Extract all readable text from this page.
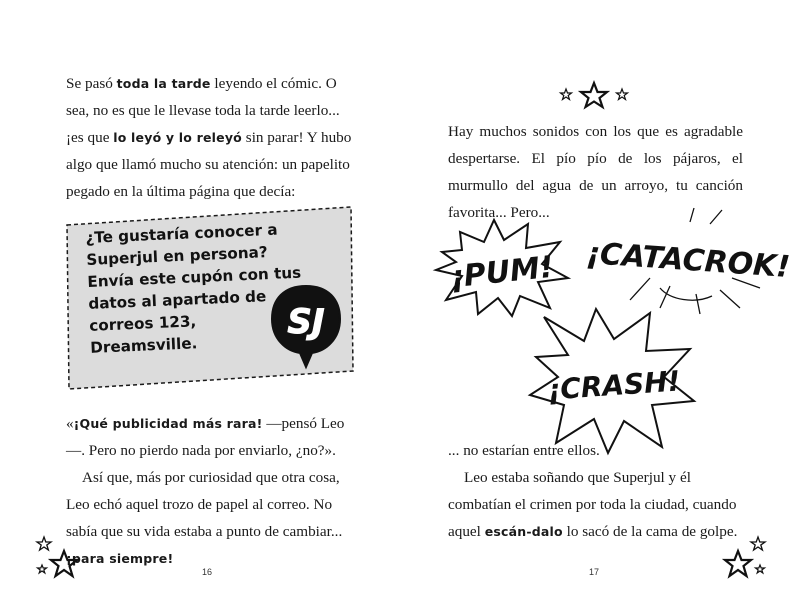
Se pasó toda la tarde leyendo el cómic. O sea, no es que le llevase toda la tarde leerlo... ¡es que lo leyó y lo releyó sin parar! Y hubo algo que llamó mucho su atención: un papelito pegado en la última página que decía:

¿Te gustaría conocer a Superjul en persona? Envía este cupón con tus datos al apartado de correos 123, Dreamsville.
SJ

«¡Qué publicidad más rara! —pensó Leo—. Pero no pierdo nada por enviarlo, ¿no?».

Así que, más por curiosidad que otra cosa, Leo echó aquel trozo de papel al correo. No sabía que su vida estaba a punto de cambiar... ¡para siempre!

16

Hay muchos sonidos con los que es agradable despertarse. El pío pío de los pájaros, el murmullo del agua de un arroyo, tu canción favorita... Pero...

¡PUM! ¡CATACROK!
¡CRASH!

... no estarían entre ellos.

Leo estaba soñando que Superjul y él combatían el crimen por toda la ciudad, cuando aquel escán-dalo lo sacó de la cama de golpe.

17
